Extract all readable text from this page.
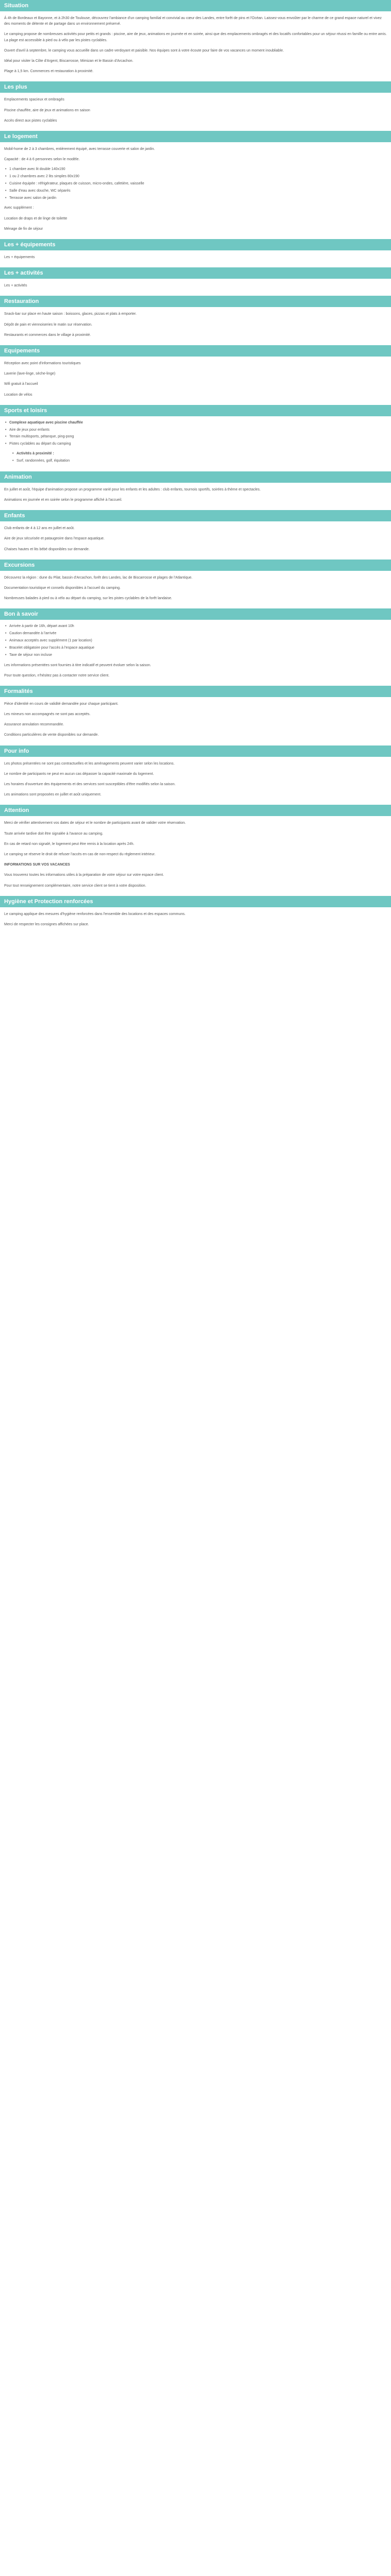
Situation

Á 4h de Bordeaux et Bayonne, et à 2h30 de Toulouse, découvrez l'ambiance d'un camping familial et convivial au cœur des Landes, entre forêt de pins et l'Océan. Laissez-vous envoûter par le charme de ce grand espace naturel et vivez des moments de détente et de partage dans un environnement préservé.

Le camping propose de nombreuses activités pour petits et grands : piscine, aire de jeux, animations en journée et en soirée, ainsi que des emplacements ombragés et des locatifs confortables pour un séjour réussi en famille ou entre amis. La plage est accessible à pied ou à vélo par les pistes cyclables.

Ouvert d'avril à septembre, le camping vous accueille dans un cadre verdoyant et paisible. Nos équipes sont à votre écoute pour faire de vos vacances un moment inoubliable.

Idéal pour visiter la Côte d'Argent, Biscarrosse, Mimizan et le Bassin d'Arcachon.

Plage à 1,5 km. Commerces et restauration à proximité.

Les plus

Emplacements spacieux et ombragés

Piscine chauffée, aire de jeux et animations en saison

Accès direct aux pistes cyclables

Le logement

Mobil-home de 2 à 3 chambres, entièrement équipé, avec terrasse couverte et salon de jardin.

Capacité : de 4 à 6 personnes selon le modèle.

• 1 chambre avec lit double 140x190
• 1 ou 2 chambres avec 2 lits simples 80x190
• Cuisine équipée : réfrigérateur, plaques de cuisson, micro-ondes, cafetière, vaisselle
• Salle d'eau avec douche, WC séparés
• Terrasse avec salon de jardin

Avec supplément :

Location de draps et de linge de toilette

Ménage de fin de séjour

Les + équipements

Les + équipements

Les + activités

Les + activités

Restauration

Snack-bar sur place en haute saison : boissons, glaces, pizzas et plats à emporter.

Dépôt de pain et viennoiseries le matin sur réservation.

Restaurants et commerces dans le village à proximité.

Equipements

Réception avec point d'informations touristiques

Laverie (lave-linge, sèche-linge)

Wifi gratuit à l'accueil

Location de vélos

Sports et loisirs
• Complexe aquatique avec piscine chauffée
• Aire de jeux pour enfants
• Terrain multisports, pétanque, ping-pong
• Pistes cyclables au départ du camping
• Activités à proximité :
• Surf, randonnées, golf, équitation
Animation

En juillet et août, l'équipe d'animation propose un programme varié pour les enfants et les adultes : club enfants, tournois sportifs, soirées à thème et spectacles.

Animations en journée et en soirée selon le programme affiché à l'accueil.

Enfants

Club enfants de 4 à 12 ans en juillet et août.

Aire de jeux sécurisée et pataugeoire dans l'espace aquatique.

Chaises hautes et lits bébé disponibles sur demande.

Excursions

Découvrez la région : dune du Pilat, bassin d'Arcachon, forêt des Landes, lac de Biscarrosse et plages de l'Atlantique.

Documentation touristique et conseils disponibles à l'accueil du camping.

Nombreuses balades à pied ou à vélo au départ du camping, sur les pistes cyclables de la forêt landaise.

Bon à savoir
• Arrivée à partir de 16h, départ avant 10h
• Caution demandée à l'arrivée
• Animaux acceptés avec supplément (1 par location)
• Bracelet obligatoire pour l'accès à l'espace aquatique
• Taxe de séjour non incluse

Les informations présentées sont fournies à titre indicatif et peuvent évoluer selon la saison.

Pour toute question, n'hésitez pas à contacter notre service client.

Formalités

Pièce d'identité en cours de validité demandée pour chaque participant.

Les mineurs non accompagnés ne sont pas acceptés.

Assurance annulation recommandée.

Conditions particulières de vente disponibles sur demande.

Pour info

Les photos présentées ne sont pas contractuelles et les aménagements peuvent varier selon les locations.

Le nombre de participants ne peut en aucun cas dépasser la capacité maximale du logement.

Les horaires d'ouverture des équipements et des services sont susceptibles d'être modifiés selon la saison.

Les animations sont proposées en juillet et août uniquement.

Attention

Merci de vérifier attentivement vos dates de séjour et le nombre de participants avant de valider votre réservation.

Toute arrivée tardive doit être signalée à l'avance au camping.

En cas de retard non signalé, le logement peut être remis à la location après 24h.

Le camping se réserve le droit de refuser l'accès en cas de non-respect du règlement intérieur.

INFORMATIONS SUR VOS VACANCES

Vous trouverez toutes les informations utiles à la préparation de votre séjour sur votre espace client.

Pour tout renseignement complémentaire, notre service client se tient à votre disposition.

Hygiène et Protection renforcées

Le camping applique des mesures d'hygiène renforcées dans l'ensemble des locations et des espaces communs.

Merci de respecter les consignes affichées sur place.
